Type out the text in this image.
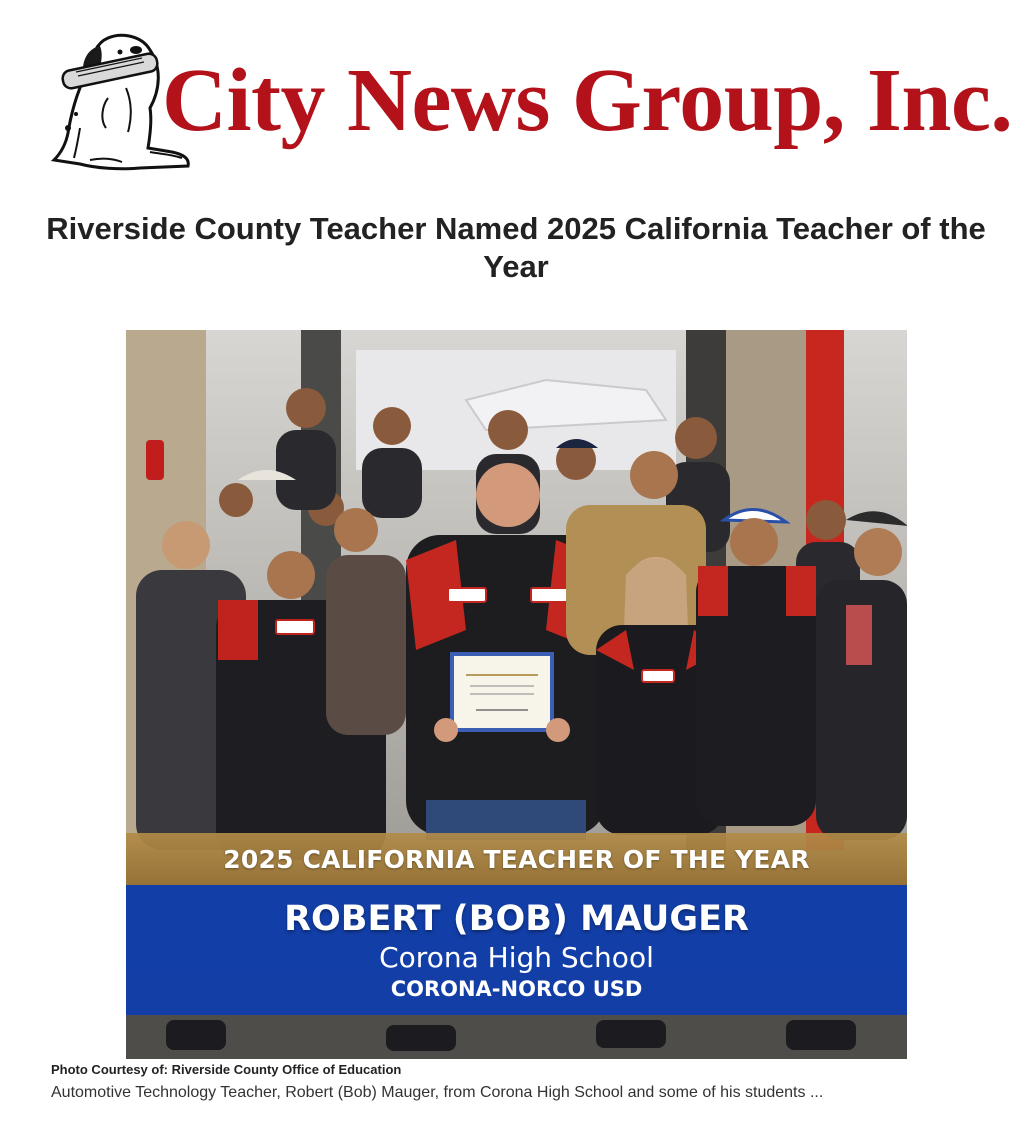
City News Group, Inc.
Riverside County Teacher Named 2025 California Teacher of the Year
2025 CALIFORNIA TEACHER OF THE YEAR
ROBERT (BOB) MAUGER
Corona High School
CORONA-NORCO USD
Photo Courtesy of: Riverside County Office of Education
Automotive Technology Teacher, Robert (Bob) Mauger, from Corona High School and some of his students ...
